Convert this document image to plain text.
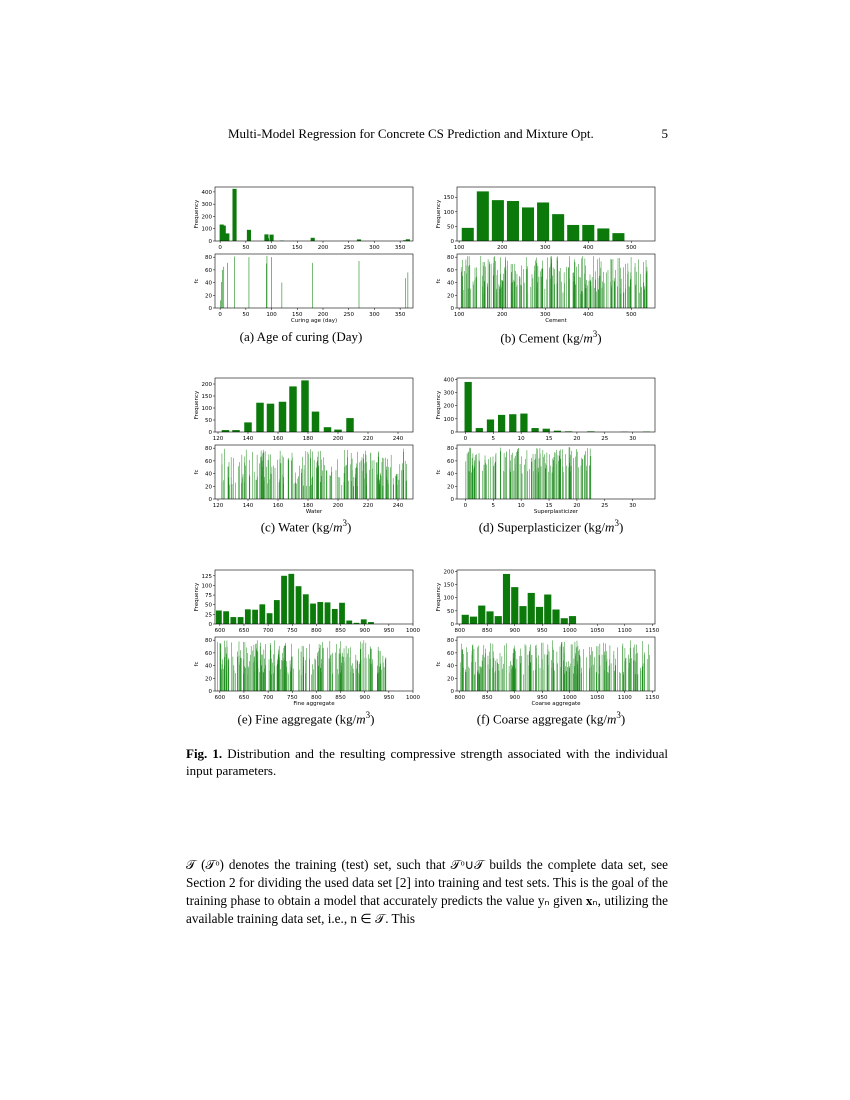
Multi-Model Regression for Concrete CS Prediction and Mixture Opt.	5
0	50	100	150	200	250	300	350
0
100
200
300
400
Frequency
0	50	100	150	200	250	300	350
0
20
40
60
80
fc
Curing age (day)
100	200	300	400	500
0
50
100
150
Frequency
100	200	300	400	500
0
20
40
60
80
fc
Cement
120	140	160	180	200	220	240
0
50
100
150
200
Frequency
120	140	160	180	200	220	240
0
20
40
60
80
fc
Water
0	5	10	15	20	25	30
0
100
200
300
400
Frequency
0	5	10	15	20	25	30
0
20
40
60
80
fc
Superplasticizer
600 650 700 750 800 850 900 950 1000
0
25
50
75
100
125
Frequency
600 650 700 750 800 850 900 950 1000
0
20
40
60
80
fc
Fine aggregate
800	850	900	950	1000 1050 1100 1150
0
50
100
150
200
Frequency
800	850	900	950	1000 1050 1100 1150
0
20
40
60
80
fc
Coarse aggregate
(a) Age of curing (Day)	(b) Cement $(kg/m^3)$
(c) Water $(kg/m^3)$	(d) Superplasticizer $(kg/m^3)$
(e) Fine aggregate $(kg/m^3)$	(f) Coarse aggregate $(kg/m^3)$
Fig. 1. Distribution and the resulting compressive strength associated with the individual input parameters.

𝒯 (𝒯ᵒ) denotes the training (test) set, such that 𝒯ᵒ∪𝒯 builds the complete data set, see Section 2 for dividing the used data set [2] into training and test sets. This is the goal of the training phase to obtain a model that accurately predicts the value yₙ given 𝐱ₙ, utilizing the available training data set, i.e., n ∈ 𝒯. This
